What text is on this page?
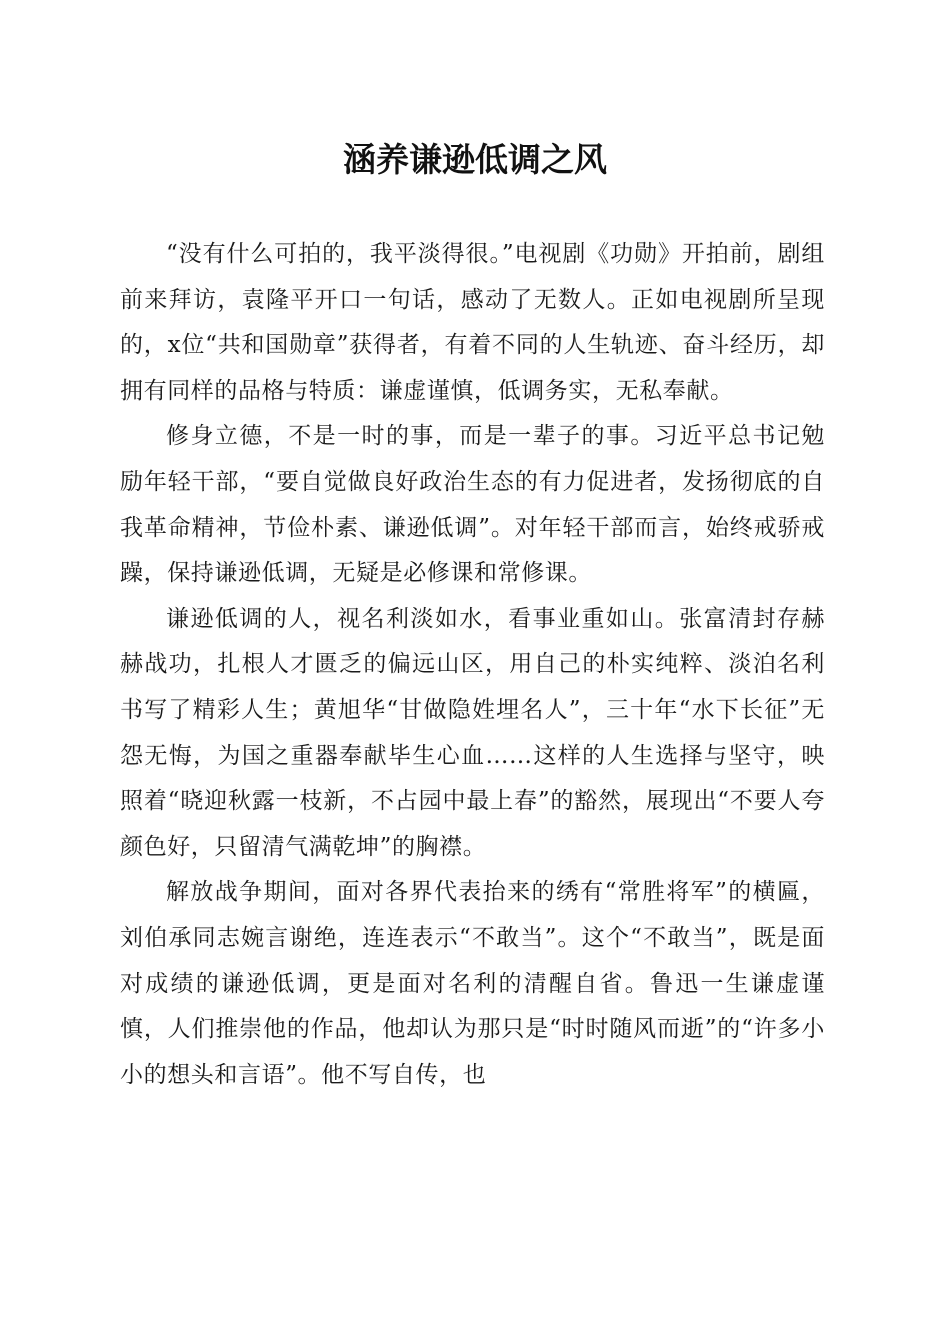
涵养谦逊低调之风

“没有什么可拍的，我平淡得很。”电视剧《功勋》开拍前，剧组前来拜访，袁隆平开口一句话，感动了无数人。正如电视剧所呈现的，x位“共和国勋章”获得者，有着不同的人生轨迹、奋斗经历，却拥有同样的品格与特质：谦虚谨慎，低调务实，无私奉献。

修身立德，不是一时的事，而是一辈子的事。习近平总书记勉励年轻干部，“要自觉做良好政治生态的有力促进者，发扬彻底的自我革命精神，节俭朴素、谦逊低调”。对年轻干部而言，始终戒骄戒躁，保持谦逊低调，无疑是必修课和常修课。

谦逊低调的人，视名利淡如水，看事业重如山。张富清封存赫赫战功，扎根人才匮乏的偏远山区，用自己的朴实纯粹、淡泊名利书写了精彩人生；黄旭华“甘做隐姓埋名人”，三十年“水下长征”无怨无悔，为国之重器奉献毕生心血……这样的人生选择与坚守，映照着“晓迎秋露一枝新，不占园中最上春”的豁然，展现出“不要人夸颜色好，只留清气满乾坤”的胸襟。

解放战争期间，面对各界代表抬来的绣有“常胜将军”的横匾，刘伯承同志婉言谢绝，连连表示“不敢当”。这个“不敢当”，既是面对成绩的谦逊低调，更是面对名利的清醒自省。鲁迅一生谦虚谨慎，人们推崇他的作品，他却认为那只是“时时随风而逝”的“许多小小的想头和言语”。他不写自传，也
